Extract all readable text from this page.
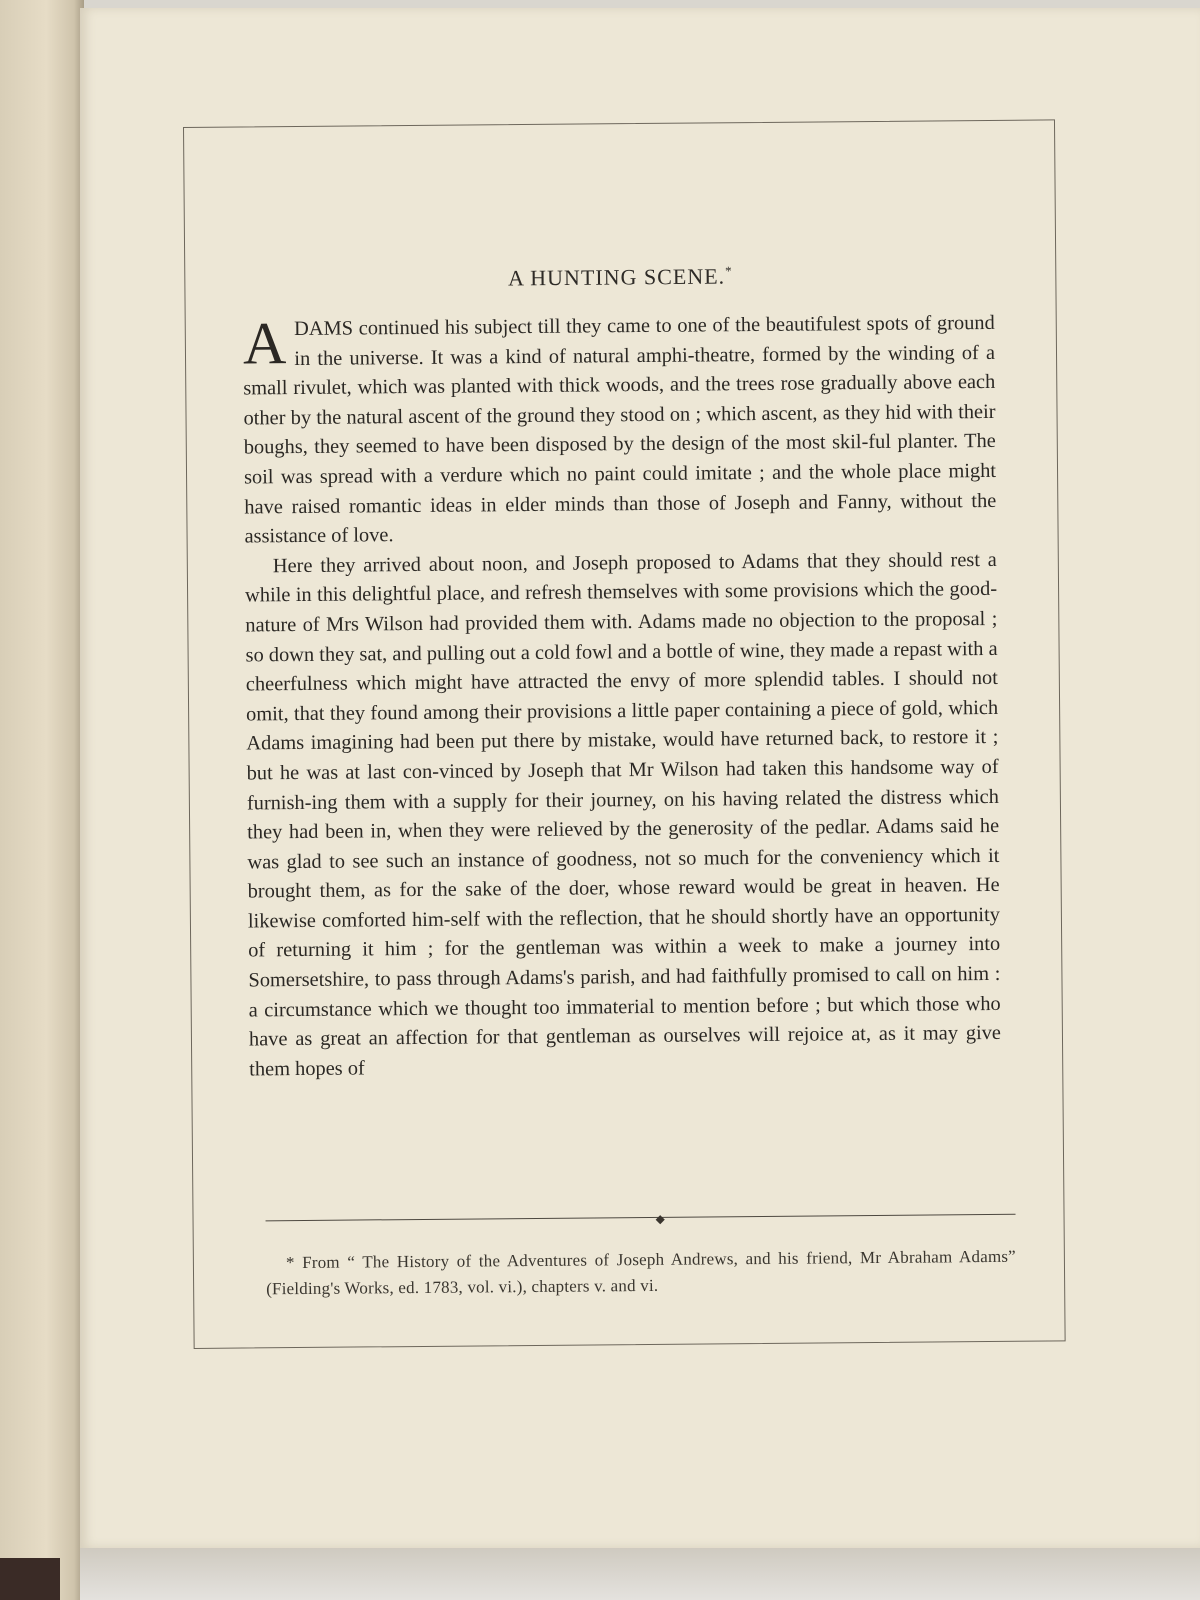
A HUNTING SCENE.*

ADAMS continued his subject till they came to one of the beautifulest spots of ground in the universe. It was a kind of natural amphi-theatre, formed by the winding of a small rivulet, which was planted with thick woods, and the trees rose gradually above each other by the natural ascent of the ground they stood on ; which ascent, as they hid with their boughs, they seemed to have been disposed by the design of the most skil-ful planter. The soil was spread with a verdure which no paint could imitate ; and the whole place might have raised romantic ideas in elder minds than those of Joseph and Fanny, without the assistance of love.

Here they arrived about noon, and Joseph proposed to Adams that they should rest a while in this delightful place, and refresh themselves with some provisions which the good-nature of Mrs Wilson had provided them with. Adams made no objection to the proposal ; so down they sat, and pulling out a cold fowl and a bottle of wine, they made a repast with a cheerfulness which might have attracted the envy of more splendid tables. I should not omit, that they found among their provisions a little paper containing a piece of gold, which Adams imagining had been put there by mistake, would have returned back, to restore it ; but he was at last con-vinced by Joseph that Mr Wilson had taken this handsome way of furnish-ing them with a supply for their journey, on his having related the distress which they had been in, when they were relieved by the generosity of the pedlar. Adams said he was glad to see such an instance of goodness, not so much for the conveniency which it brought them, as for the sake of the doer, whose reward would be great in heaven. He likewise comforted him-self with the reflection, that he should shortly have an opportunity of returning it him ; for the gentleman was within a week to make a journey into Somersetshire, to pass through Adams's parish, and had faithfully promised to call on him : a circumstance which we thought too immaterial to mention before ; but which those who have as great an affection for that gentleman as ourselves will rejoice at, as it may give them hopes of

◆

* From “ The History of the Adventures of Joseph Andrews, and his friend, Mr Abraham Adams” (Fielding's Works, ed. 1783, vol. vi.), chapters v. and vi.
